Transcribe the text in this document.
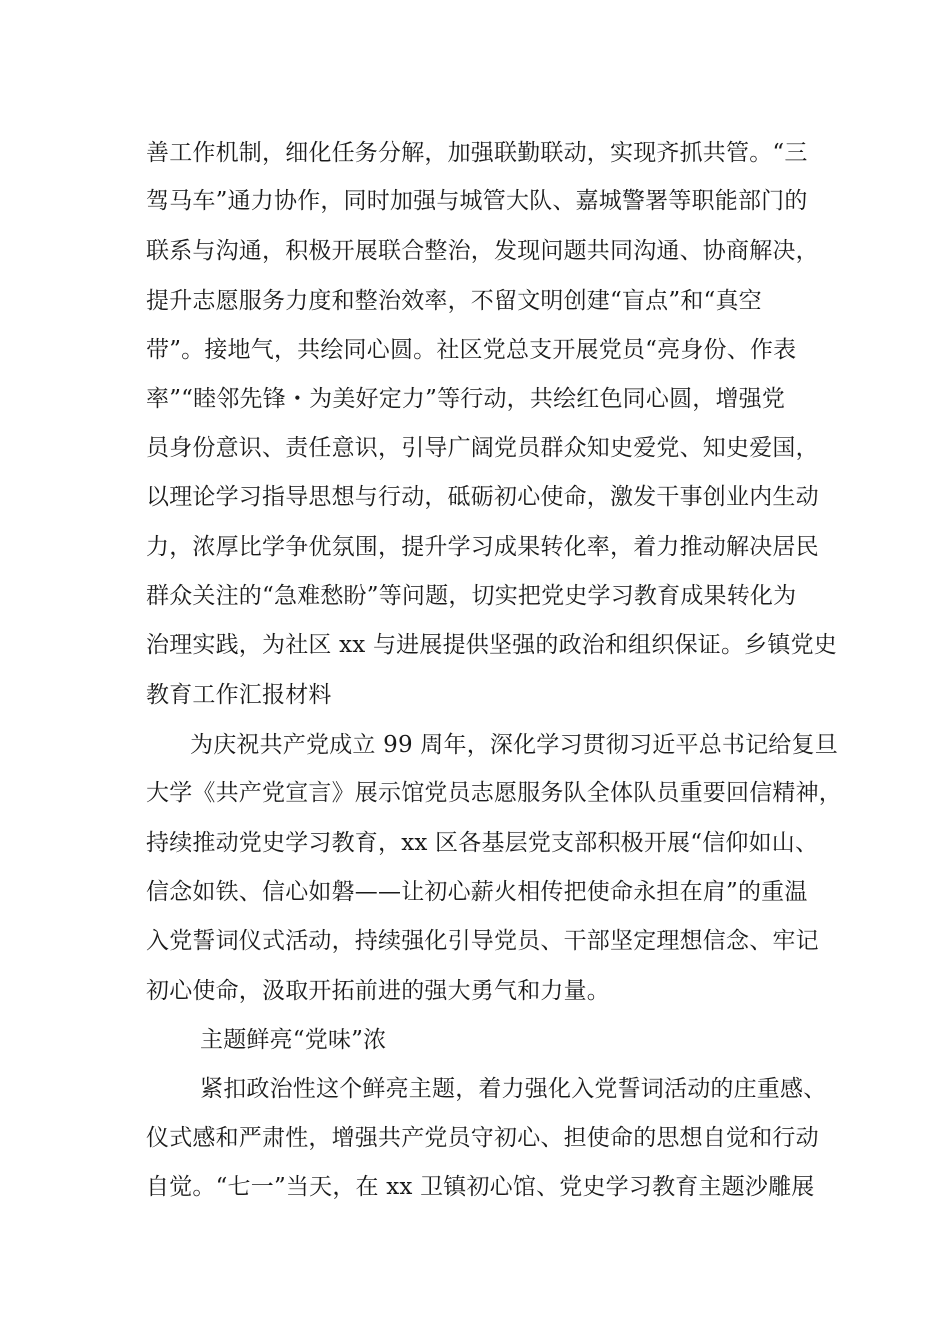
善工作机制，细化任务分解，加强联勤联动，实现齐抓共管。“三

驾马车”通力协作，同时加强与城管大队、嘉城警署等职能部门的

联系与沟通，积极开展联合整治，发现问题共同沟通、协商解决，

提升志愿服务力度和整治效率，不留文明创建“盲点”和“真空

带”。接地气，共绘同心圆。社区党总支开展党员“亮身份、作表

率”“睦邻先锋・为美好定力”等行动，共绘红色同心圆，增强党

员身份意识、责任意识，引导广阔党员群众知史爱党、知史爱国，

以理论学习指导思想与行动，砥砺初心使命，激发干事创业内生动

力，浓厚比学争优氛围，提升学习成果转化率，着力推动解决居民

群众关注的“急难愁盼”等问题，切实把党史学习教育成果转化为

治理实践，为社区 xx 与进展提供坚强的政治和组织保证。乡镇党史

教育工作汇报材料

为庆祝共产党成立 99 周年，深化学习贯彻习近平总书记给复旦

大学《共产党宣言》展示馆党员志愿服务队全体队员重要回信精神，

持续推动党史学习教育，xx 区各基层党支部积极开展“信仰如山、

信念如铁、信心如磐——让初心薪火相传把使命永担在肩”的重温

入党誓词仪式活动，持续强化引导党员、干部坚定理想信念、牢记

初心使命，汲取开拓前进的强大勇气和力量。

主题鲜亮“党味”浓

紧扣政治性这个鲜亮主题，着力强化入党誓词活动的庄重感、

仪式感和严肃性，增强共产党员守初心、担使命的思想自觉和行动

自觉。“七一”当天，在 xx 卫镇初心馆、党史学习教育主题沙雕展
